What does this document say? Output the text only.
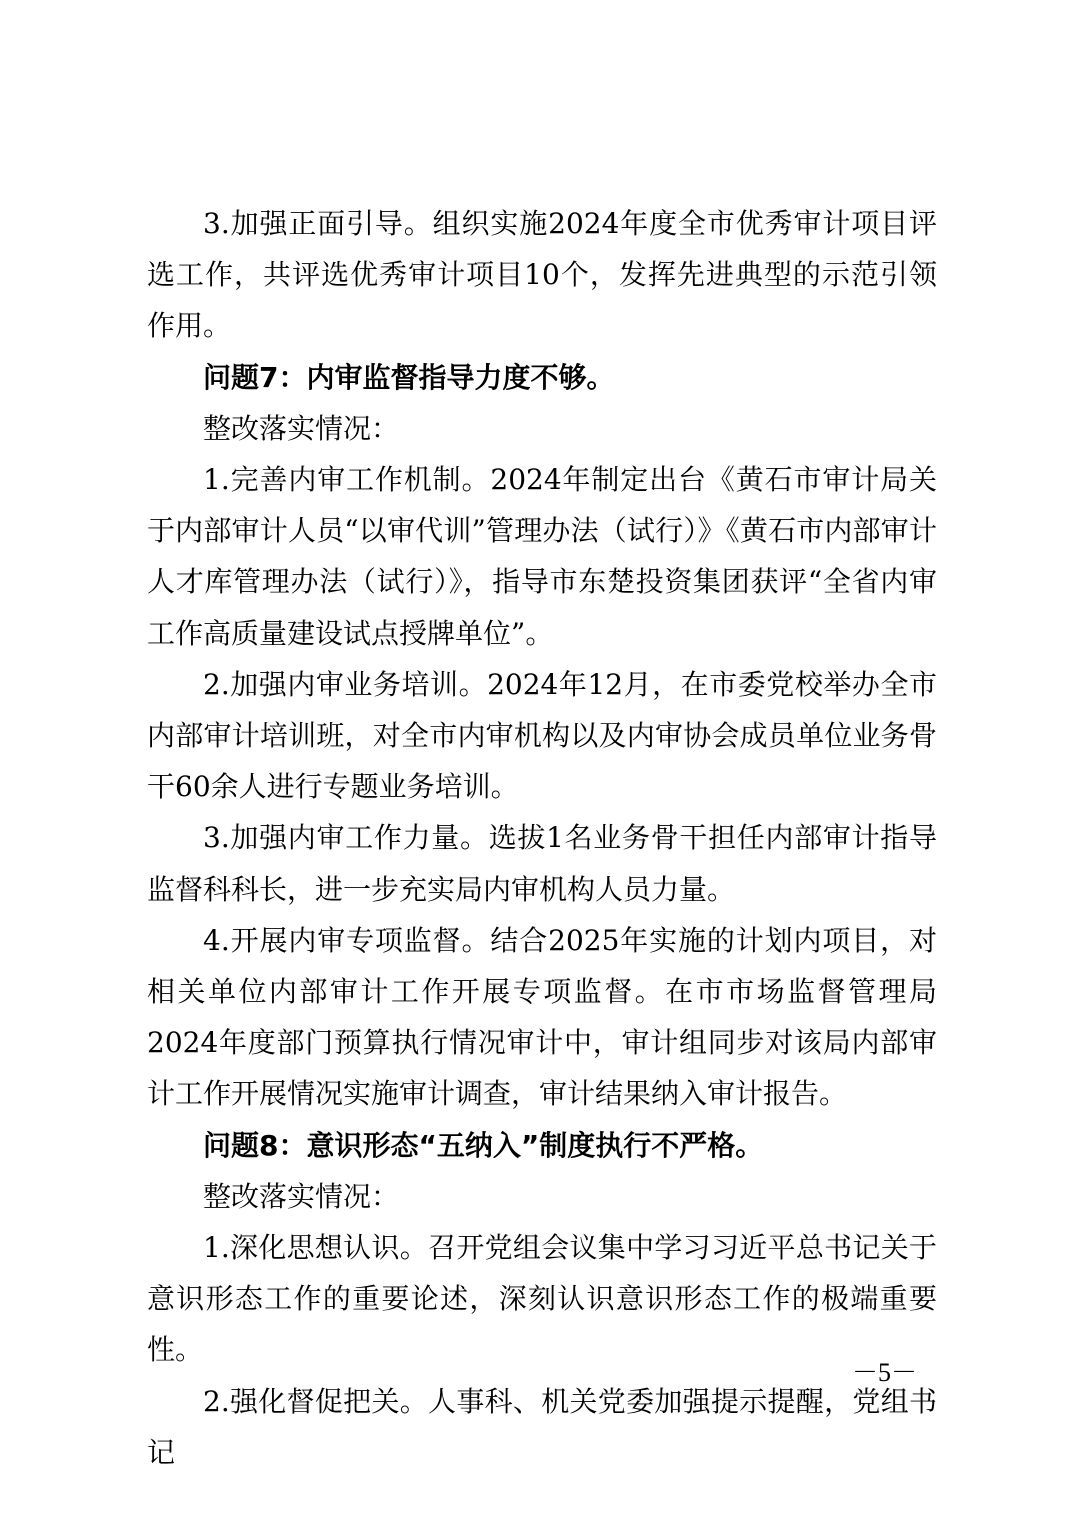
3.加强正面引导。组织实施2024年度全市优秀审计项目评选工作，共评选优秀审计项目10个，发挥先进典型的示范引领作用。

问题7：内审监督指导力度不够。

整改落实情况：

1.完善内审工作机制。2024年制定出台《黄石市审计局关于内部审计人员“以审代训”管理办法（试行）》《黄石市内部审计人才库管理办法（试行）》，指导市东楚投资集团获评“全省内审工作高质量建设试点授牌单位”。

2.加强内审业务培训。2024年12月，在市委党校举办全市内部审计培训班，对全市内审机构以及内审协会成员单位业务骨干60余人进行专题业务培训。

3.加强内审工作力量。选拔1名业务骨干担任内部审计指导监督科科长，进一步充实局内审机构人员力量。

4.开展内审专项监督。结合2025年实施的计划内项目，对相关单位内部审计工作开展专项监督。在市市场监督管理局2024年度部门预算执行情况审计中，审计组同步对该局内部审计工作开展情况实施审计调查，审计结果纳入审计报告。

问题8：意识形态“五纳入”制度执行不严格。

整改落实情况：

1.深化思想认识。召开党组会议集中学习习近平总书记关于意识形态工作的重要论述，深刻认识意识形态工作的极端重要性。

2.强化督促把关。人事科、机关党委加强提示提醒，党组书记

－5－
